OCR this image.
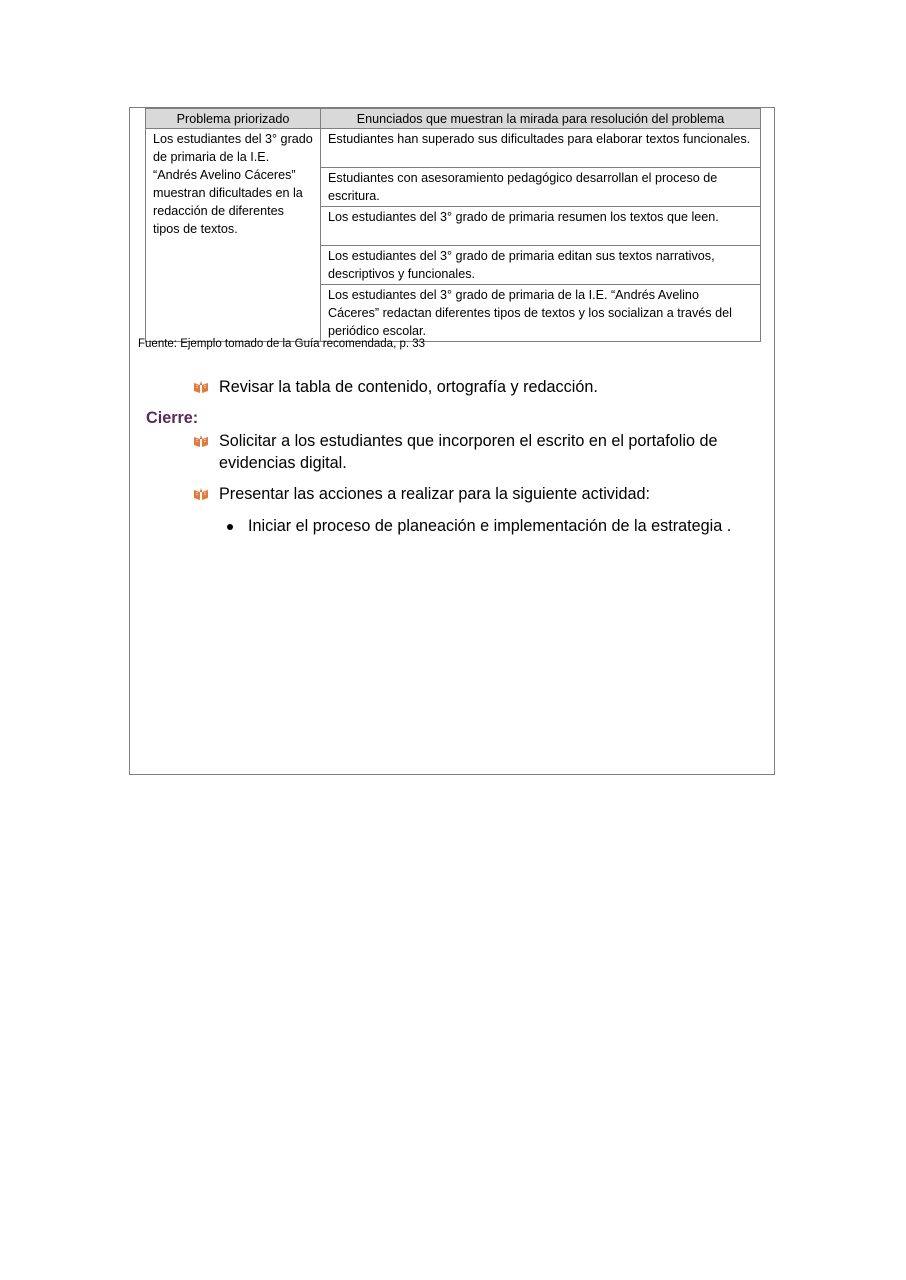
Problema priorizado	Enunciados que muestran la mirada para resolución del problema
Los estudiantes del 3° grado de primaria de la I.E. “Andrés Avelino Cáceres” muestran dificultades en la redacción de diferentes tipos de textos.	Estudiantes han superado sus dificultades para elaborar textos funcionales.
	Estudiantes con asesoramiento pedagógico desarrollan el proceso de escritura.
	Los estudiantes del 3° grado de primaria resumen los textos que leen.
	Los estudiantes del 3° grado de primaria editan sus textos narrativos, descriptivos y funcionales.
	Los estudiantes del 3° grado de primaria de la I.E. “Andrés Avelino Cáceres” redactan diferentes tipos de textos y los socializan a través del periódico escolar.
Fuente: Ejemplo tomado de la Guía recomendada, p. 33
Revisar la tabla de contenido, ortografía y redacción.
Cierre:
Solicitar a los estudiantes que incorporen el escrito en el portafolio de evidencias digital.
Presentar las acciones a realizar para la siguiente actividad:
Iniciar el proceso de planeación e implementación de la estrategia .
